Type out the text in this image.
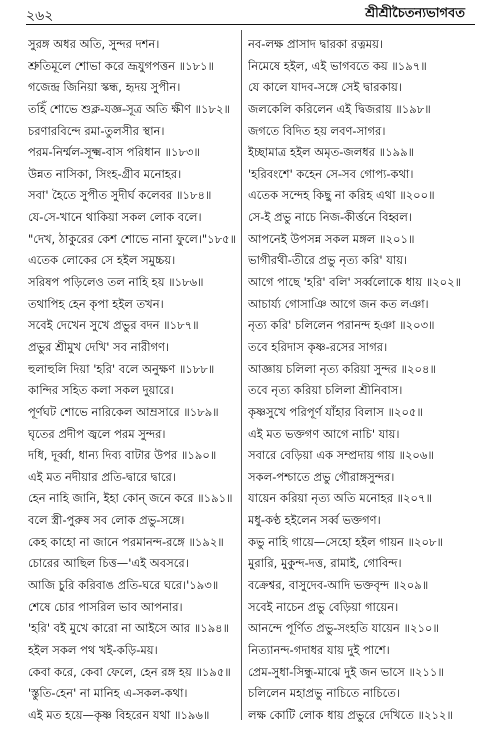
২৬২	শ্রীশ্রীচৈতন্যভাগবত
সুরঙ্গ অধর অতি, সুন্দর দশন।
শ্রুতিমূলে শোভা করে ভ্রূযুগপত্তন ॥১৮১॥
গজেন্দ্র জিনিয়া স্কন্ধ, হৃদয় সুপীন।
তহিঁ শোভে শুক্ল-যজ্ঞ-সূত্র অতি ক্ষীণ ॥১৮২॥
চরণারবিন্দে রমা-তুলসীর স্থান।
পরম-নির্ম্মল-সূক্ষ্ম-বাস পরিধান ॥১৮৩॥
উন্নত নাসিকা, সিংহ-গ্রীব মনোহর।
সবা' হৈতে সুপীত সুদীর্ঘ কলেবর ॥১৮৪॥
যে-সে-খানে থাকিয়া সকল লোক বলে।
"দেখ, ঠাকুরের কেশ শোভে নানা ফুলে।"১৮৫॥
এতেক লোকের সে হইল সমুচ্চয়।
সরিষপ পড়িলেও তল নাহি হয় ॥১৮৬॥
তথাপিহ হেন কৃপা হইল তখন।
সবেই দেখেন সুখে প্রভুর বদন ॥১৮৭॥
প্রভুর শ্রীমুখ দেখি' সব নারীগণ।
হুলাহুলি দিয়া 'হরি' বলে অনুক্ষণ ॥১৮৮॥
কান্দির সহিত কলা সকল দুয়ারে।
পূর্ণঘট শোভে নারিকেল আম্রসারে ॥১৮৯॥
ঘৃতের প্রদীপ জ্বলে পরম সুন্দর।
দধি, দূর্ব্বা, ধান্য দিব্য বাটার উপর ॥১৯০॥
এই মত নদীয়ার প্রতি-দ্বারে দ্বারে।
হেন নাহি জানি, ইহা কোন্‌ জনে করে ॥১৯১॥
বলে স্ত্রী-পুরুষ সব লোক প্রভু-সঙ্গে।
কেহ কাহো না জানে পরমানন্দ-রঙ্গে ॥১৯২॥
চোরের আছিল চিত্ত—'এই অবসরে।
আজি চুরি করিবাঙ প্রতি-ঘরে ঘরে।'১৯৩॥
শেষে চোর পাসরিল ভাব আপনার।
'হরি' বই মুখে কারো না আইসে আর ॥১৯৪॥
হইল সকল পথ খই-কড়ি-ময়।
কেবা করে, কেবা ফেলে, হেন রঙ্গ হয় ॥১৯৫॥
'স্তুতি-হেন' না মানিহ এ-সকল-কথা।
এই মত হয়ে—কৃষ্ণ বিহরেন যথা ॥১৯৬॥
নব-লক্ষ প্রাসাদ দ্বারকা রত্নময়।
নিমেষে হইল, এই ভাগবতে কয় ॥১৯৭॥
যে কালে যাদব-সঙ্গে সেই দ্বারকায়।
জলকেলি করিলেন এই দ্বিজরায় ॥১৯৮॥
জগতে বিদিত হয় লবণ-সাগর।
ইচ্ছামাত্র হইল অমৃত-জলধর ॥১৯৯॥
'হরিবংশে' কহেন সে-সব গোপ্য-কথা।
এতেক সন্দেহ কিছু না করিহ এথা ॥২০০॥
সে-ই প্রভু নাচে নিজ-কীর্ত্তনে বিহ্বল।
আপনেই উপসন্ন সকল মঙ্গল ॥২০১॥
ভাগীরথী-তীরে প্রভু নৃত্য করি' যায়।
আগে পাছে 'হরি' বলি' সর্ব্বলোকে ধায় ॥২০২॥
আচার্য্য গোসাঞি আগে জন কত লঞা।
নৃত্য করি' চলিলেন পরানন্দ হঞা ॥২০৩॥
তবে হরিদাস কৃষ্ণ-রসের সাগর।
আজ্ঞায় চলিলা নৃত্য করিয়া সুন্দর ॥২০৪॥
তবে নৃত্য করিয়া চলিলা শ্রীনিবাস।
কৃষ্ণসুখে পরিপূর্ণ যাঁহার বিলাস ॥২০৫॥
এই মত ভক্তগণ আগে নাচি' যায়।
সবারে বেড়িয়া এক সম্প্রদায় গায় ॥২০৬॥
সকল-পশ্চাতে প্রভু গৌরাঙ্গসুন্দর।
যায়েন করিয়া নৃত্য অতি মনোহর ॥২০৭॥
মধু-কণ্ঠ হইলেন সর্ব্ব ভক্তগণ।
কভু নাহি গায়ে—সেহো হইল গায়ন ॥২০৮॥
মুরারি, মুকুন্দ-দত্ত, রামাই, গোবিন্দ।
বক্রেশ্বর, বাসুদেব-আদি ভক্তবৃন্দ ॥২০৯॥
সবেই নাচেন প্রভু বেড়িয়া গায়েন।
আনন্দে পূর্ণিত প্রভু-সংহতি যায়েন ॥২১০॥
নিত্যানন্দ-গদাধর যায় দুই পাশে।
প্রেম-সুধা-সিন্ধু-মাঝে দুই জন ভাসে ॥২১১॥
চলিলেন মহাপ্রভু নাচিতে নাচিতে।
লক্ষ কোটি লোক ধায় প্রভুরে দেখিতে ॥২১২॥
